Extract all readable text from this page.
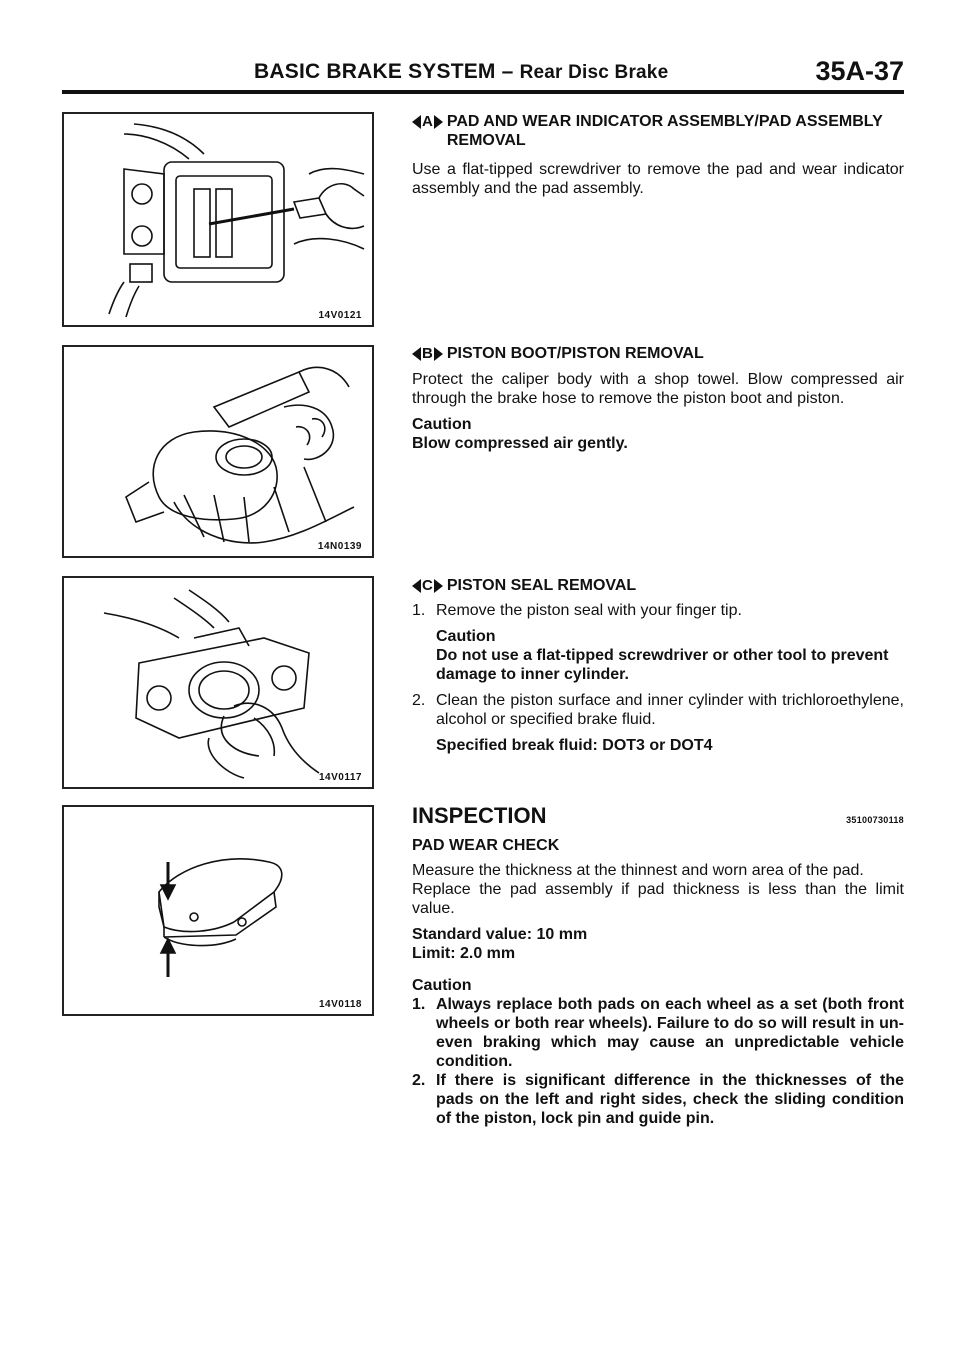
BASIC BRAKE SYSTEM – Rear Disc Brake	35A-37
14V0121
14N0139
14V0117
14V0118
A PAD AND WEAR INDICATOR ASSEMBLY/PAD ASSEMBLY REMOVAL

Use a flat-tipped screwdriver to remove the pad and wear indicator assembly and the pad assembly.

B PISTON BOOT/PISTON REMOVAL

Protect the caliper body with a shop towel. Blow compressed air through the brake hose to remove the piston boot and piston.

Caution

Blow compressed air gently.

C PISTON SEAL REMOVAL
1. Remove the piston seal with your finger tip.

Caution

Do not use a flat-tipped screwdriver or other tool to prevent damage to inner cylinder.

2. Clean the piston surface and inner cylinder with trichloroethylene, alcohol or specified brake fluid.

Specified break fluid: DOT3 or DOT4

INSPECTION	35100730118

PAD WEAR CHECK

Measure the thickness at the thinnest and worn area of the pad.

Replace the pad assembly if pad thickness is less than the limit value.

Standard value: 10 mm

Limit: 2.0 mm

Caution

1. Always replace both pads on each wheel as a set (both front wheels or both rear wheels). Failure to do so will result in un-even braking which may cause an unpredictable vehicle condition.
2. If there is significant difference in the thicknesses of the pads on the left and right sides, check the sliding condition of the piston, lock pin and guide pin.
